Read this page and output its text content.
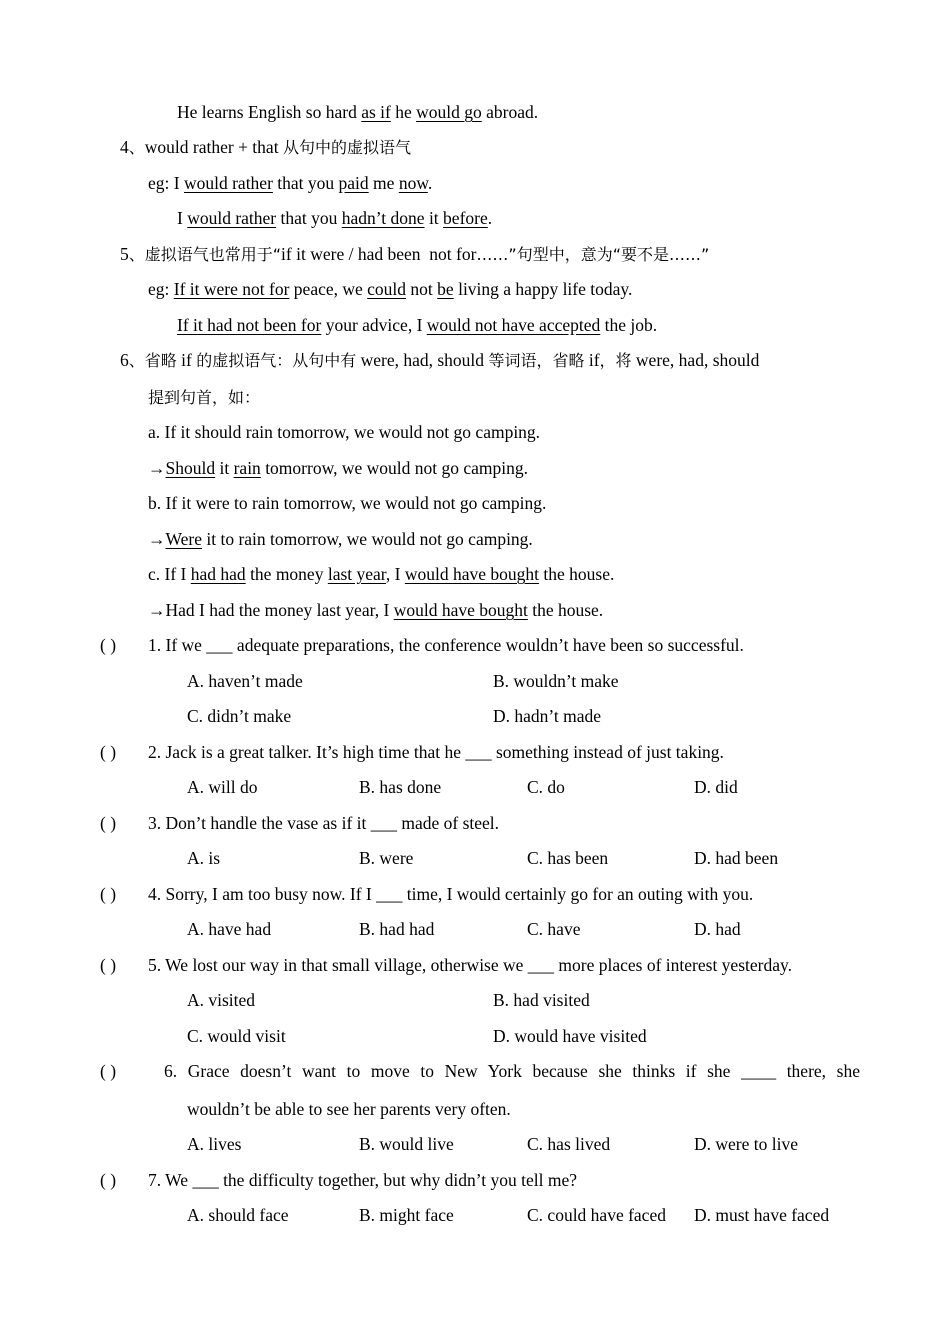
He learns English so hard as if he would go abroad.
4、would rather + that 从句中的虚拟语气
eg: I would rather that you paid me now.
I would rather that you hadn’t done it before.
5、虚拟语气也常用于“if it were / had been  not for……”句型中，意为“要不是……”
eg: If it were not for peace, we could not be living a happy life today.
If it had not been for your advice, I would not have accepted the job.
6、省略 if 的虚拟语气：从句中有 were, had, should 等词语，省略 if，将 were, had, should
提到句首，如：
a. If it should rain tomorrow, we would not go camping.
→Should it rain tomorrow, we would not go camping.
b. If it were to rain tomorrow, we would not go camping.
→Were it to rain tomorrow, we would not go camping.
c. If I had had the money last year, I would have bought the house.
→Had I had the money last year, I would have bought the house.
( ) 1. If we ___ adequate preparations, the conference wouldn’t have been so successful.
A. haven’t made	B. wouldn’t make
C. didn’t make	D. hadn’t made
( ) 2. Jack is a great talker. It’s high time that he ___ something instead of just taking.
A. will do	B. has done	C. do	D. did
( ) 3. Don’t handle the vase as if it ___ made of steel.
A. is	B. were	C. has been	D. had been
( ) 4. Sorry, I am too busy now. If I ___ time, I would certainly go for an outing with you.
A. have had	B. had had	C. have	D. had
( ) 5. We lost our way in that small village, otherwise we ___ more places of interest yesterday.
A. visited	B. had visited
C. would visit	D. would have visited
( )	6. Grace doesn’t want to move to New York because she thinks if she ____ there, she
wouldn’t be able to see her parents very often.
A. lives	B. would live	C. has lived	D. were to live
( ) 7. We ___ the difficulty together, but why didn’t you tell me?
A. should face	B. might face	C. could have faced D. must have faced
